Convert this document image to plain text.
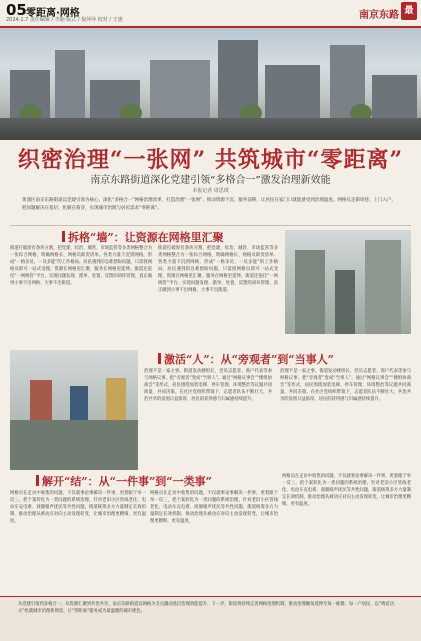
05 零距离·网格
2024.1.7 责任编辑 / 李丽 版式 / 倪萍萍 校对 / 王惠	南京东路 最
织密治理“一张网” 共筑城市“零距离”
南京东路街道深化党建引领“多格合一”激发治理新效能
本报记者 周思琪
黄浦区南京东路街道以党建引领为核心，深化“多格合一”网格治理改革，打造治理“一张网”，推动资源下沉、服务前移，让居民在家门口就能感受到治理温度。网格员走街串巷、上门入户，把问题解决在基层、化解在萌芽，实现城市治理与居民需求“零距离”。
拆格“墙”：让资源在网格里汇聚
街道打破原有条块分割，把党建、综治、城管、市场监管等多类网格整合为一张综合网格，明确网格长、网格员职责清单。各类力量下沉到网格，形成“一格多员、一员多能”的工作格局。居民遇到的急难愁盼问题，只需找网格员即可一站式受理，资源在网格里汇聚，服务在网格里延伸。街道还依托“一网统管”平台，实现问题发现、派单、处置、反馈的闭环管理，真正做到小事不出网格、大事不出街道。
街道打破原有条块分割，把党建、综治、城管、市场监管等多类网格整合为一张综合网格，明确网格长、网格员职责清单。各类力量下沉到网格，形成“一格多员、一员多能”的工作格局。居民遇到的急难愁盼问题，只需找网格员即可一站式受理，资源在网格里汇聚，服务在网格里延伸。街道还依托“一网统管”平台，实现问题发现、派单、处置、反馈的闭环管理，真正做到小事不出网格、大事不出街道。
激活“人”：从“旁观者”到“当事人”
治理不是一家之事。街道发动楼组长、党员志愿者、商户代表等参与网格议事，把“旁观者”变成“当事人”。通过“网格议事会”“楼组协商会”等形式，居民围绕加装电梯、停车管理、环境整治等议题共同商量、共同决策。在社区党组织带领下，志愿者队伍不断壮大，共治共享的氛围日益浓厚，居民的获得感与归属感持续提升。
治理不是一家之事。街道发动楼组长、党员志愿者、商户代表等参与网格议事，把“旁观者”变成“当事人”。通过“网格议事会”“楼组协商会”等形式，居民围绕加装电梯、停车管理、环境整治等议题共同商量、共同决策。在社区党组织带领下，志愿者队伍不断壮大，共治共享的氛围日益浓厚，居民的获得感与归属感持续提升。
解开“结”：从“一件事”到“一类事”
网格员在走访中收集的问题，不仅就事论事解决一件事，更着眼于举一反三，把个案转化为一类问题的系统治理。针对老旧小区管线老化、电动车充电难、商圈噪声扰民等共性问题，街道统筹多方力量制定长效机制，推动治理从被动应对向主动发现转变，让城市治理更精细、更有温度。
网格员在走访中收集的问题，不仅就事论事解决一件事，更着眼于举一反三，把个案转化为一类问题的系统治理。针对老旧小区管线老化、电动车充电难、商圈噪声扰民等共性问题，街道统筹多方力量制定长效机制，推动治理从被动应对向主动发现转变，让城市治理更精细、更有温度。
网格员在走访中收集的问题，不仅就事论事解决一件事，更着眼于举一反三，把个案转化为一类问题的系统治理。针对老旧小区管线老化、电动车充电难、商圈噪声扰民等共性问题，街道统筹多方力量制定长效机制，推动治理从被动应对向主动发现转变，让城市治理更精细、更有温度。
从党建引领到多格合一，从资源汇聚到共治共享，南京东路街道以网格为支点撬动基层治理效能提升。下一步，街道将持续完善网格治理机制，推动治理触角延伸至每一栋楼、每一户居民，以“绣花功夫”绘就城市治理新图景，让“零距离”服务成为最温暖的城市底色。
